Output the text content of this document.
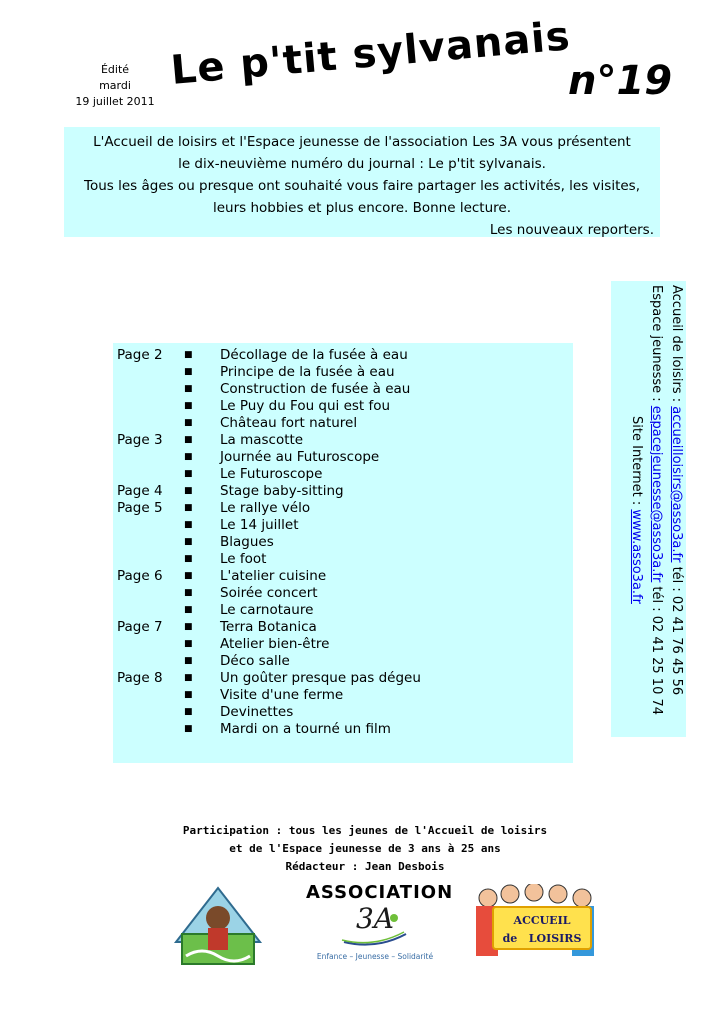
Édité
mardi
19 juillet 2011
Le p'tit sylvanais
n°19
L'Accueil de loisirs et l'Espace jeunesse de l'association Les 3A vous présentent
le dix-neuvième numéro du journal : Le p'tit sylvanais.
Tous les âges ou presque ont souhaité vous faire partager les activités, les visites,
leurs hobbies et plus encore. Bonne lecture.
Les nouveaux reporters.
Accueil de loisirs : accueilloisirs@asso3a.fr tél : 02 41 76 45 56
Espace jeunesse : espacejeunesse@asso3a.fr tél : 02 41 25 10 74
Site Internet : www.asso3a.fr
Page 2 ■ Décollage de la fusée à eau
■ Principe de la fusée à eau
■ Construction de fusée à eau
■ Le Puy du Fou qui est fou
■ Château fort naturel
Page 3 ■ La mascotte
■ Journée au Futuroscope
■ Le Futuroscope
Page 4 ■ Stage baby-sitting
Page 5 ■ Le rallye vélo
■ Le 14 juillet
■ Blagues
■ Le foot
Page 6 ■ L'atelier cuisine
■ Soirée concert
■ Le carnotaure
Page 7 ■ Terra Botanica
■ Atelier bien-être
■ Déco salle
Page 8 ■ Un goûter presque pas dégeu
■ Visite d'une ferme
■ Devinettes
■ Mardi on a tourné un film
Participation : tous les jeunes de l'Accueil de loisirs
et de l'Espace jeunesse de 3 ans à 25 ans
Rédacteur : Jean Desbois
ASSOCIATION
3A
Enfance – Jeunesse – Solidarité
ACCUEIL
de   LOISIRS
